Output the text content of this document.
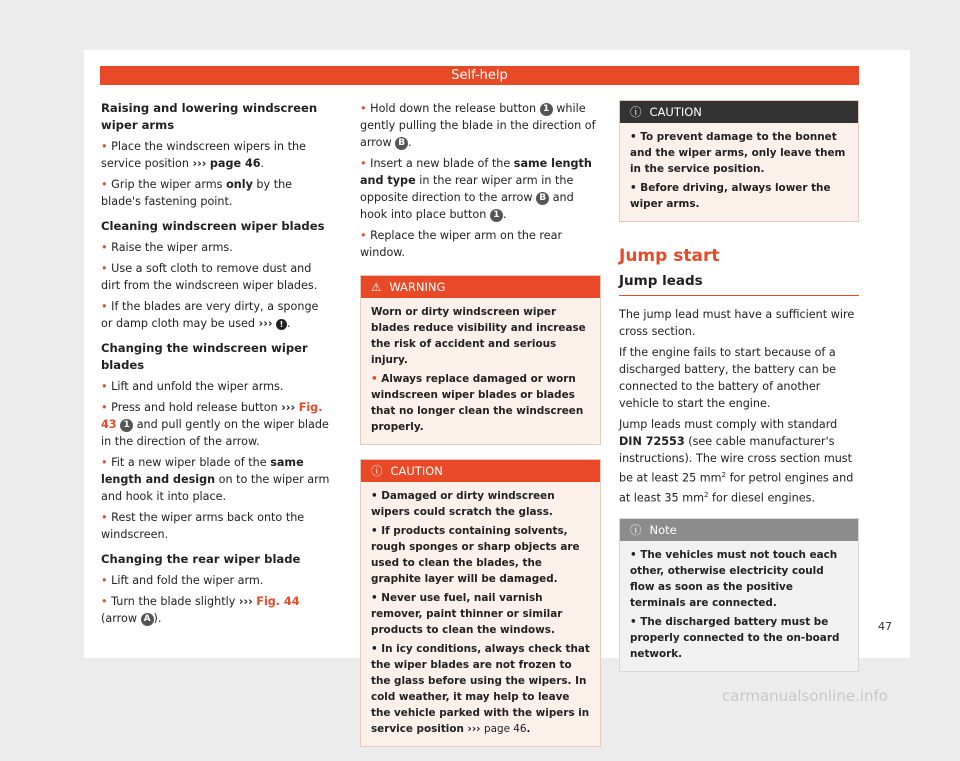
Self-help

Raising and lowering windscreen wiper arms

• Place the windscreen wipers in the service position ››› page 46.

• Grip the wiper arms only by the blade's fastening point.

Cleaning windscreen wiper blades

• Raise the wiper arms.

• Use a soft cloth to remove dust and dirt from the windscreen wiper blades.

• If the blades are very dirty, a sponge or damp cloth may be used ››› ! .

Changing the windscreen wiper blades

• Lift and unfold the wiper arms.

• Press and hold release button ››› Fig. 43 1 and pull gently on the wiper blade in the direction of the arrow.

• Fit a new wiper blade of the same length and design on to the wiper arm and hook it into place.

• Rest the wiper arms back onto the windscreen.

Changing the rear wiper blade

• Lift and fold the wiper arm.

• Turn the blade slightly ››› Fig. 44 (arrow A ).

• Hold down the release button 1 while gently pulling the blade in the direction of arrow B .

• Insert a new blade of the same length and type in the rear wiper arm in the opposite direction to the arrow B and hook into place button 1 .

• Replace the wiper arm on the rear window.

⚠ WARNING

Worn or dirty windscreen wiper blades reduce visibility and increase the risk of accident and serious injury.

• Always replace damaged or worn windscreen wiper blades or blades that no longer clean the windscreen properly.

ⓘ CAUTION

• Damaged or dirty windscreen wipers could scratch the glass.

• If products containing solvents, rough sponges or sharp objects are used to clean the blades, the graphite layer will be damaged.

• Never use fuel, nail varnish remover, paint thinner or similar products to clean the windows.

• In icy conditions, always check that the wiper blades are not frozen to the glass before using the wipers. In cold weather, it may help to leave the vehicle parked with the wipers in service position ››› page 46.

ⓘ CAUTION

• To prevent damage to the bonnet and the wiper arms, only leave them in the service position.

• Before driving, always lower the wiper arms.

Jump start
Jump leads

The jump lead must have a sufficient wire cross section.

If the engine fails to start because of a discharged battery, the battery can be connected to the battery of another vehicle to start the engine.

Jump leads must comply with standard DIN 72553 (see cable manufacturer's instructions). The wire cross section must be at least 25 $mm^2$ for petrol engines and at least 35 $mm^2$ for diesel engines.

ⓘ Note

• The vehicles must not touch each other, otherwise electricity could flow as soon as the positive terminals are connected.

• The discharged battery must be properly connected to the on-board network.

47
carmanualsonline.info
